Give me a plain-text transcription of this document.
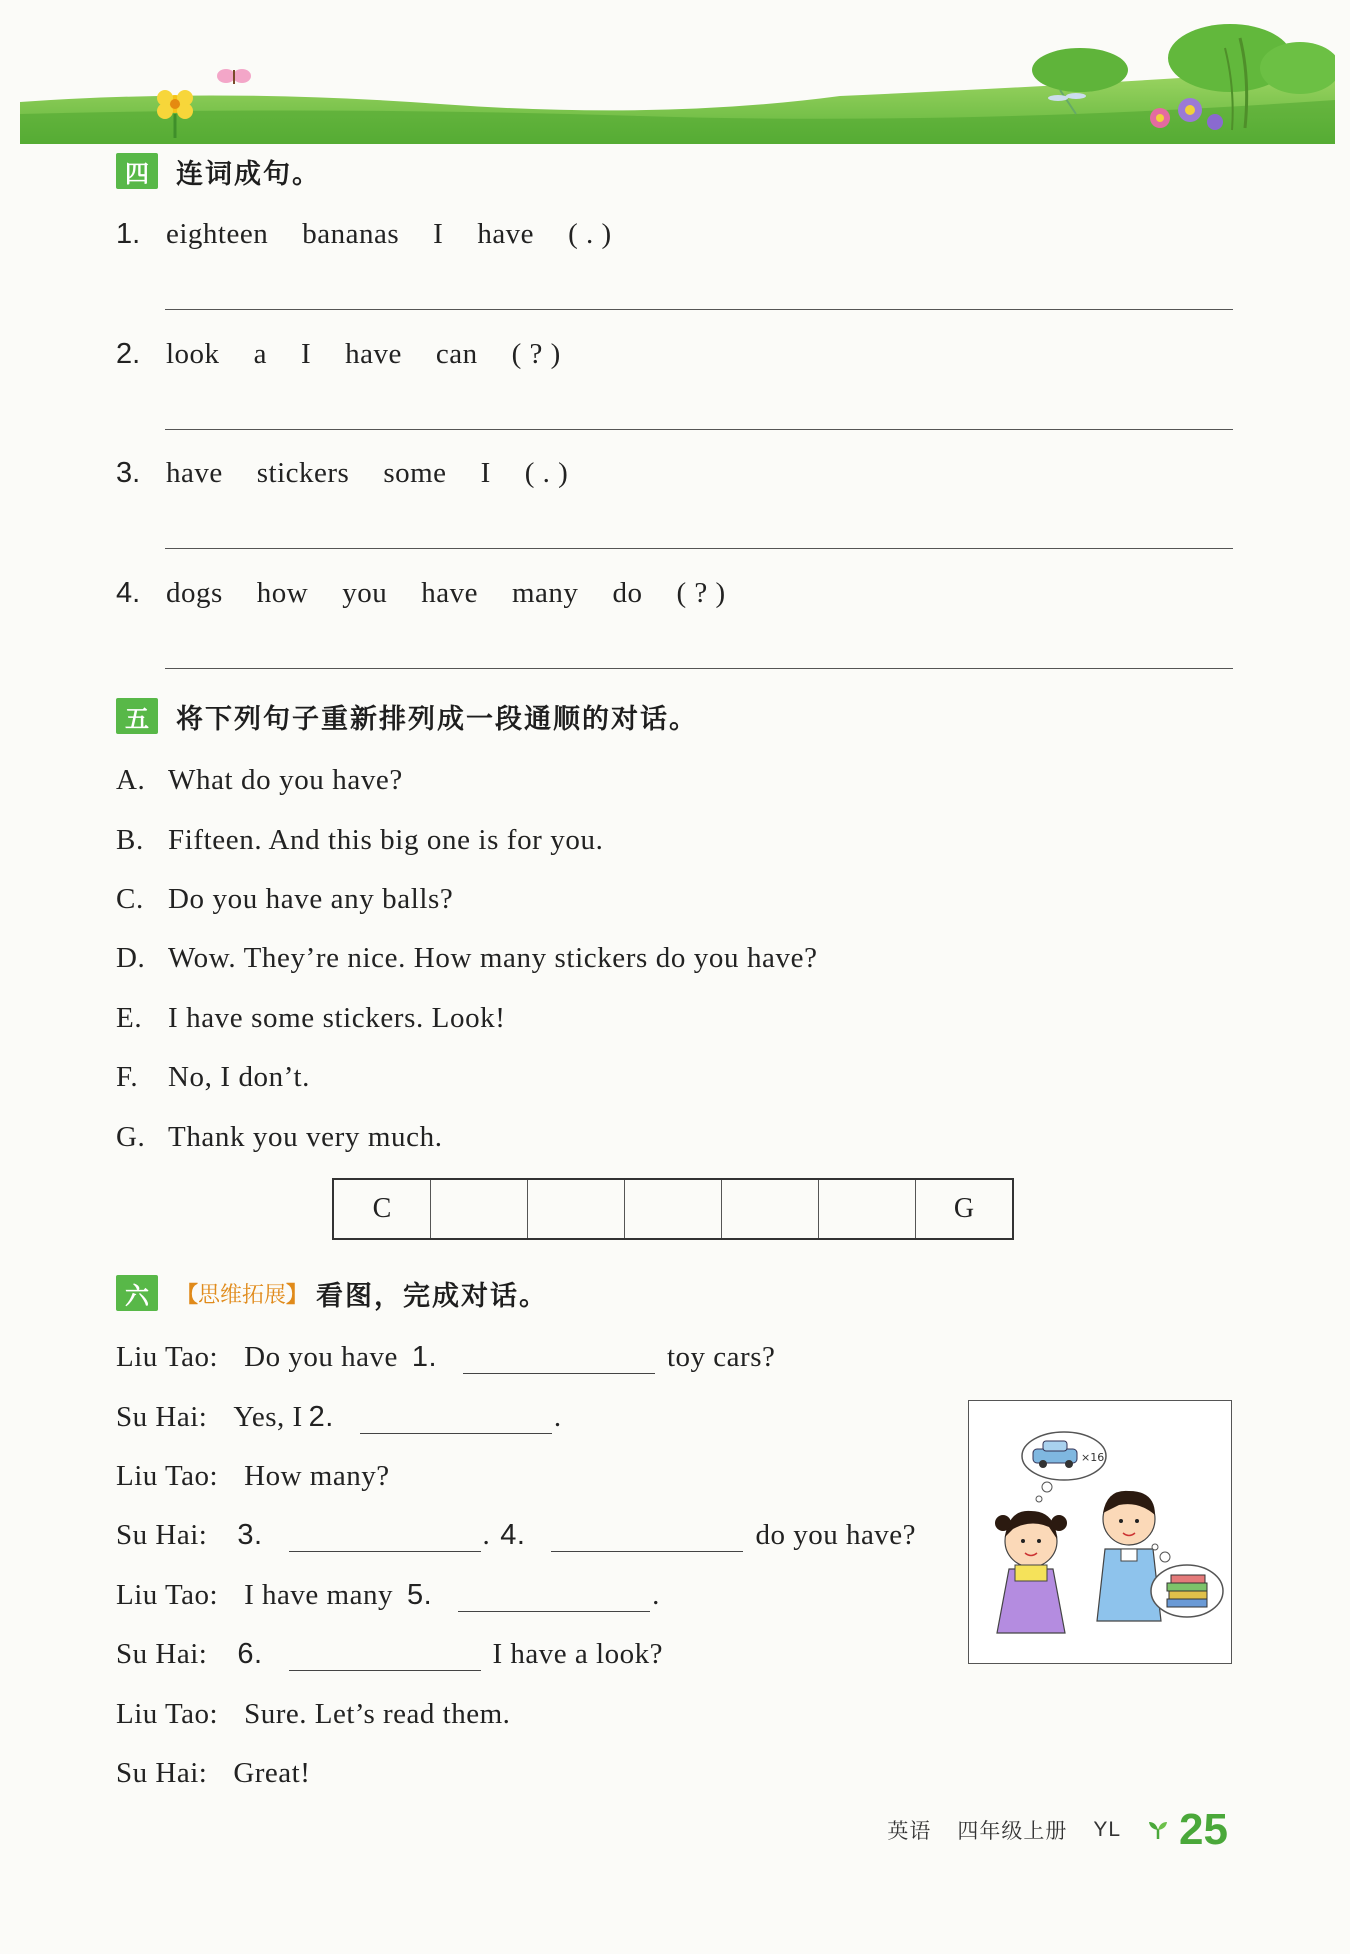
四	连词成句。
1. eighteen bananas I have ( . )
2. look a I have can ( ? )
3. have stickers some I ( . )
4. dogs how you have many do ( ? )
五	将下列句子重新排列成一段通顺的对话。
A. What do you have?
B. Fifteen. And this big one is for you.
C. Do you have any balls?
D. Wow. They’re nice. How many stickers do you have?
E. I have some stickers. Look!
F.	No, I don’t.
G. Thank you very much.
C	G
六	【思维拓展】 看图，完成对话。
Liu Tao: Do you have 1.	toy cars?
Su Hai: Yes, I 2.	.
Liu Tao: How many?
Su Hai: 3.	. 4.	do you have?
Liu Tao: I have many 5.	.
Su Hai: 6.	I have a look?
Liu Tao: Sure. Let’s read them.
Su Hai: Great!
×16
英语 四年级上册 YL 25
